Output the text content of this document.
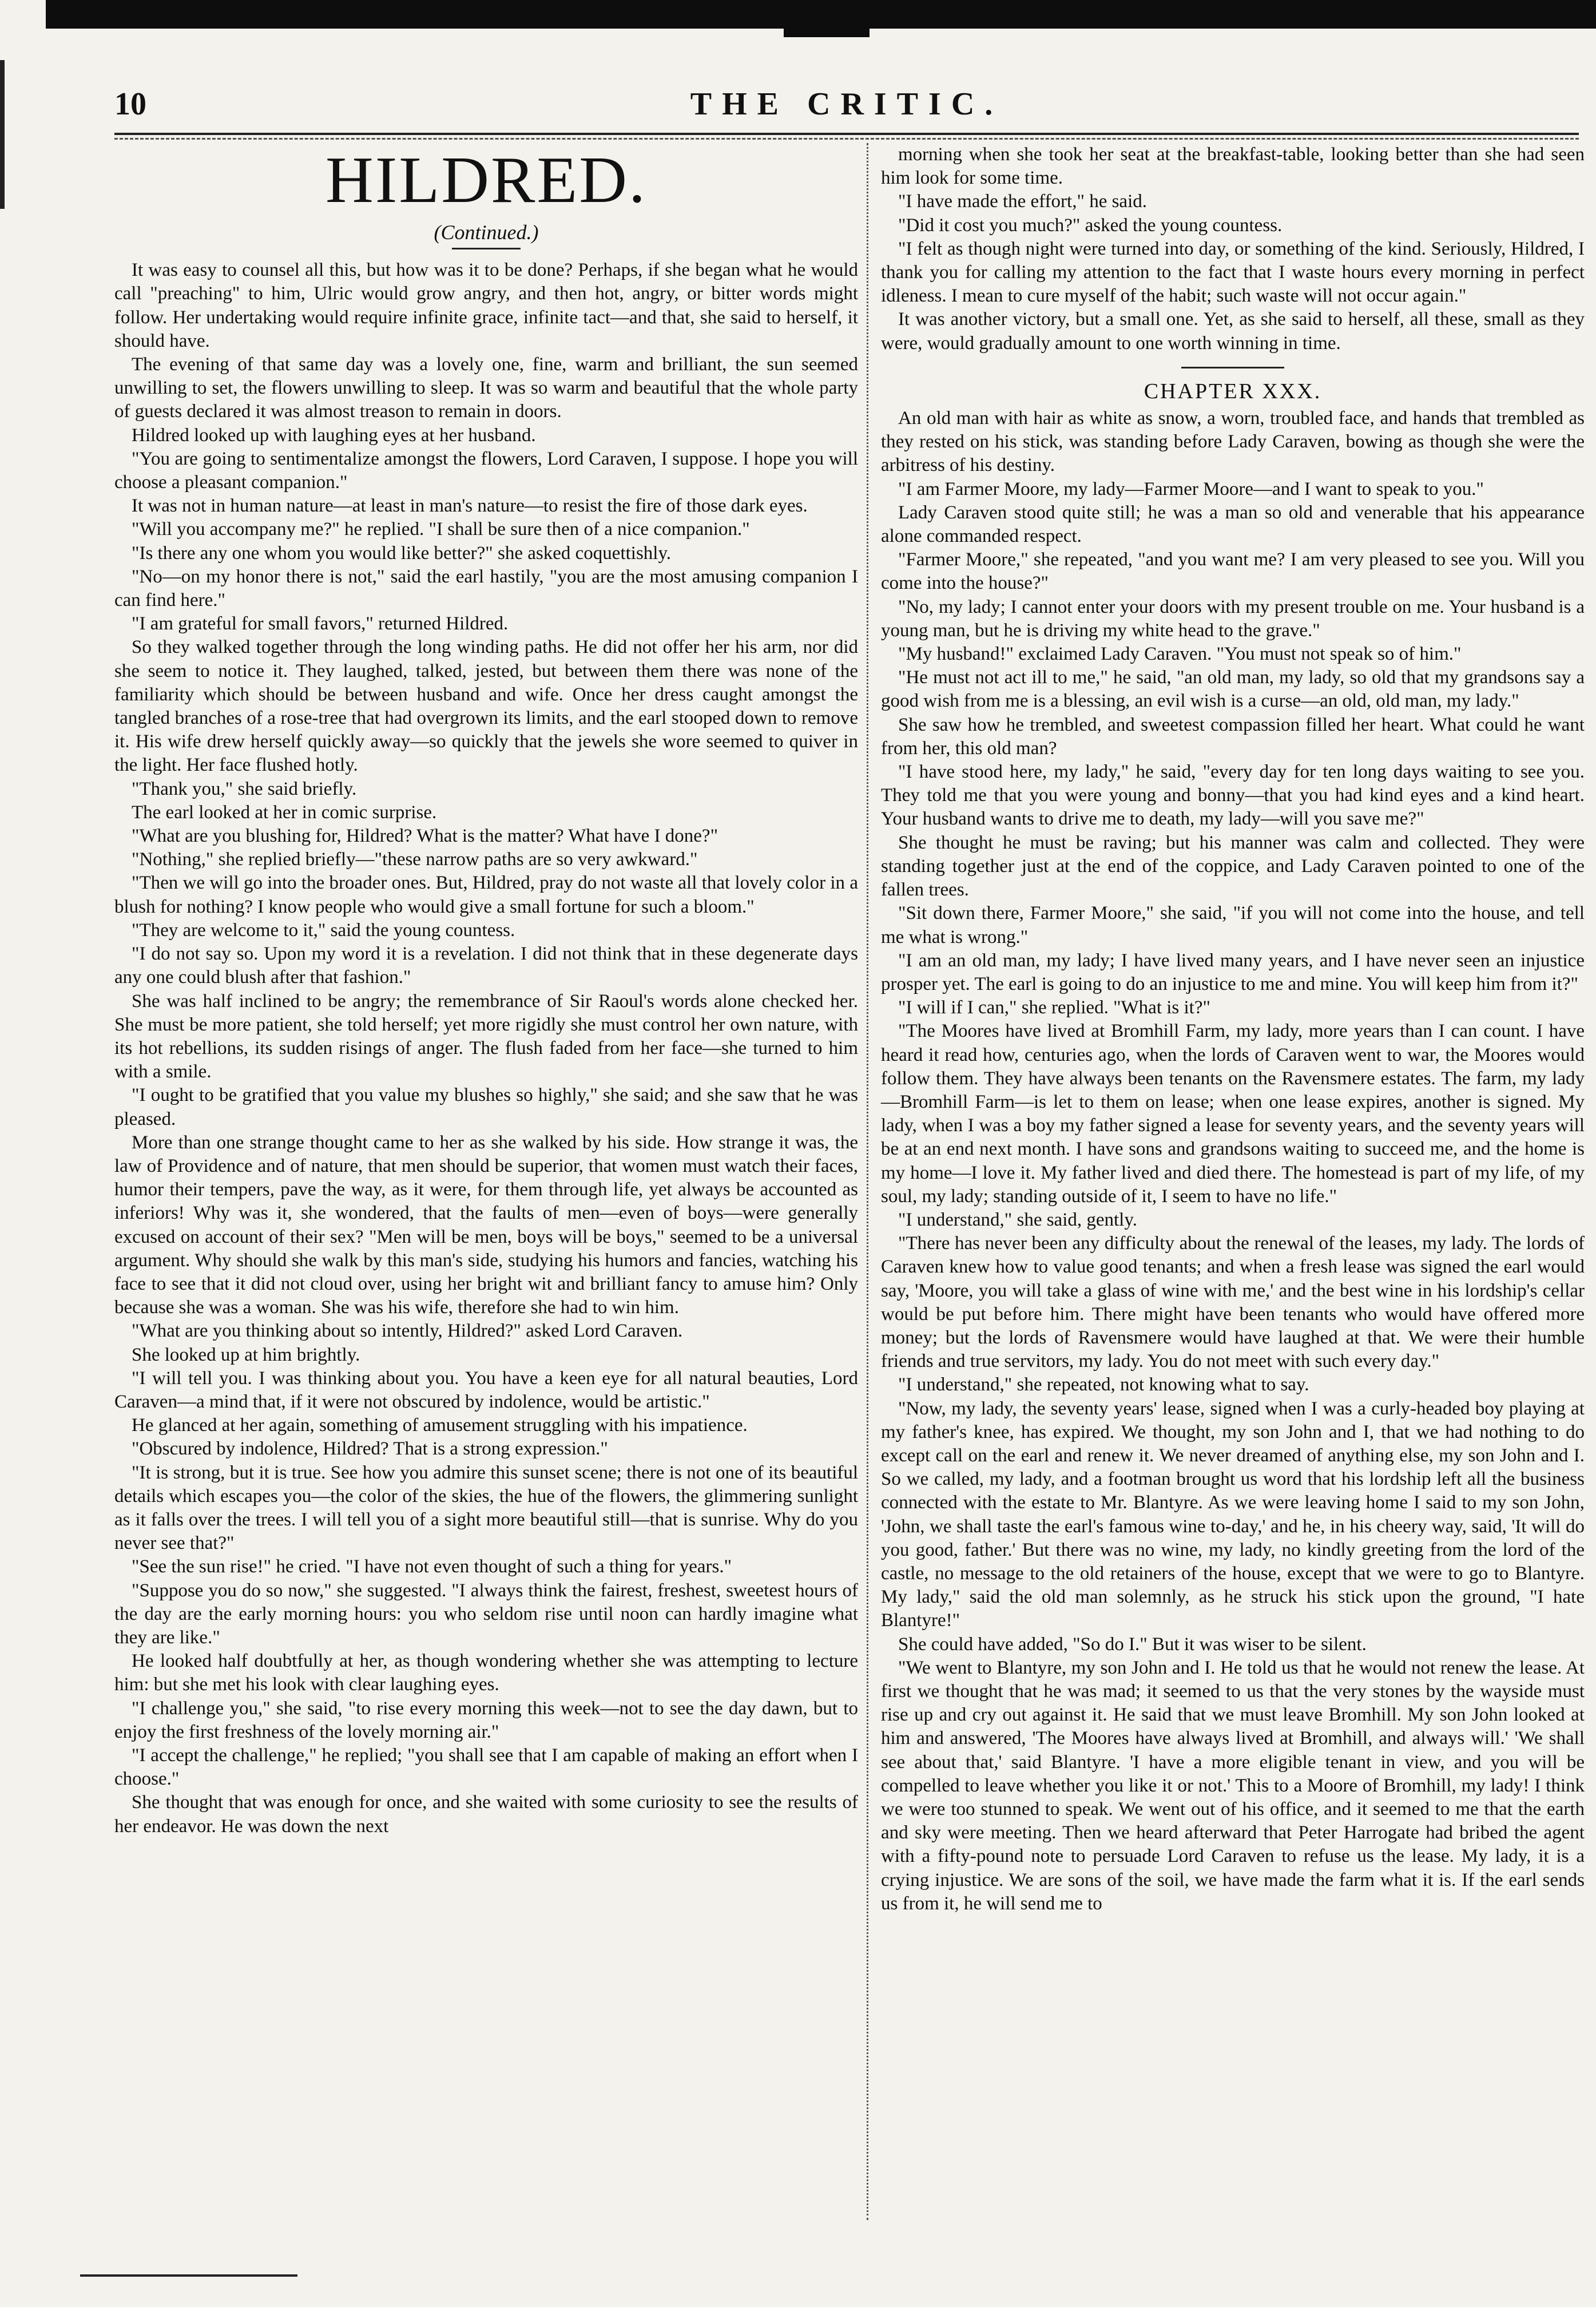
10	THE CRITIC.
HILDRED.
(Continued.)

It was easy to counsel all this, but how was it to be done? Perhaps, if she began what he would call "preaching" to him, Ulric would grow angry, and then hot, angry, or bitter words might follow. Her undertaking would require infinite grace, infinite tact—and that, she said to herself, it should have.

The evening of that same day was a lovely one, fine, warm and brilliant, the sun seemed unwilling to set, the flowers unwilling to sleep. It was so warm and beautiful that the whole party of guests declared it was almost treason to remain in doors.

Hildred looked up with laughing eyes at her husband.

"You are going to sentimentalize amongst the flowers, Lord Caraven, I suppose. I hope you will choose a pleasant companion."

It was not in human nature—at least in man's nature—to resist the fire of those dark eyes.

"Will you accompany me?" he replied. "I shall be sure then of a nice companion."

"Is there any one whom you would like better?" she asked coquettishly.

"No—on my honor there is not," said the earl hastily, "you are the most amusing companion I can find here."

"I am grateful for small favors," returned Hildred.

So they walked together through the long winding paths. He did not offer her his arm, nor did she seem to notice it. They laughed, talked, jested, but between them there was none of the familiarity which should be between husband and wife. Once her dress caught amongst the tangled branches of a rose-tree that had overgrown its limits, and the earl stooped down to remove it. His wife drew herself quickly away—so quickly that the jewels she wore seemed to quiver in the light. Her face flushed hotly.

"Thank you," she said briefly.

The earl looked at her in comic surprise.

"What are you blushing for, Hildred? What is the matter? What have I done?"

"Nothing," she replied briefly—"these narrow paths are so very awkward."

"Then we will go into the broader ones. But, Hildred, pray do not waste all that lovely color in a blush for nothing? I know people who would give a small fortune for such a bloom."

"They are welcome to it," said the young countess.

"I do not say so. Upon my word it is a revelation. I did not think that in these degenerate days any one could blush after that fashion."

She was half inclined to be angry; the remembrance of Sir Raoul's words alone checked her. She must be more patient, she told herself; yet more rigidly she must control her own nature, with its hot rebellions, its sudden risings of anger. The flush faded from her face—she turned to him with a smile.

"I ought to be gratified that you value my blushes so highly," she said; and she saw that he was pleased.

More than one strange thought came to her as she walked by his side. How strange it was, the law of Providence and of nature, that men should be superior, that women must watch their faces, humor their tempers, pave the way, as it were, for them through life, yet always be accounted as inferiors! Why was it, she wondered, that the faults of men—even of boys—were generally excused on account of their sex? "Men will be men, boys will be boys," seemed to be a universal argument. Why should she walk by this man's side, studying his humors and fancies, watching his face to see that it did not cloud over, using her bright wit and brilliant fancy to amuse him? Only because she was a woman. She was his wife, therefore she had to win him.

"What are you thinking about so intently, Hildred?" asked Lord Caraven.

She looked up at him brightly.

"I will tell you. I was thinking about you. You have a keen eye for all natural beauties, Lord Caraven—a mind that, if it were not obscured by indolence, would be artistic."

He glanced at her again, something of amusement struggling with his impatience.

"Obscured by indolence, Hildred? That is a strong expression."

"It is strong, but it is true. See how you admire this sunset scene; there is not one of its beautiful details which escapes you—the color of the skies, the hue of the flowers, the glimmering sunlight as it falls over the trees. I will tell you of a sight more beautiful still—that is sunrise. Why do you never see that?"

"See the sun rise!" he cried. "I have not even thought of such a thing for years."

"Suppose you do so now," she suggested. "I always think the fairest, freshest, sweetest hours of the day are the early morning hours: you who seldom rise until noon can hardly imagine what they are like."

He looked half doubtfully at her, as though wondering whether she was attempting to lecture him: but she met his look with clear laughing eyes.

"I challenge you," she said, "to rise every morning this week—not to see the day dawn, but to enjoy the first freshness of the lovely morning air."

"I accept the challenge," he replied; "you shall see that I am capable of making an effort when I choose."

She thought that was enough for once, and she waited with some curiosity to see the results of her endeavor. He was down the next

morning when she took her seat at the breakfast-table, looking better than she had seen him look for some time.

"I have made the effort," he said.

"Did it cost you much?" asked the young countess.

"I felt as though night were turned into day, or something of the kind. Seriously, Hildred, I thank you for calling my attention to the fact that I waste hours every morning in perfect idleness. I mean to cure myself of the habit; such waste will not occur again."

It was another victory, but a small one. Yet, as she said to herself, all these, small as they were, would gradually amount to one worth winning in time.

CHAPTER XXX.

An old man with hair as white as snow, a worn, troubled face, and hands that trembled as they rested on his stick, was standing before Lady Caraven, bowing as though she were the arbitress of his destiny.

"I am Farmer Moore, my lady—Farmer Moore—and I want to speak to you."

Lady Caraven stood quite still; he was a man so old and venerable that his appearance alone commanded respect.

"Farmer Moore," she repeated, "and you want me? I am very pleased to see you. Will you come into the house?"

"No, my lady; I cannot enter your doors with my present trouble on me. Your husband is a young man, but he is driving my white head to the grave."

"My husband!" exclaimed Lady Caraven. "You must not speak so of him."

"He must not act ill to me," he said, "an old man, my lady, so old that my grandsons say a good wish from me is a blessing, an evil wish is a curse—an old, old man, my lady."

She saw how he trembled, and sweetest compassion filled her heart. What could he want from her, this old man?

"I have stood here, my lady," he said, "every day for ten long days waiting to see you. They told me that you were young and bonny—that you had kind eyes and a kind heart. Your husband wants to drive me to death, my lady—will you save me?"

She thought he must be raving; but his manner was calm and collected. They were standing together just at the end of the coppice, and Lady Caraven pointed to one of the fallen trees.

"Sit down there, Farmer Moore," she said, "if you will not come into the house, and tell me what is wrong."

"I am an old man, my lady; I have lived many years, and I have never seen an injustice prosper yet. The earl is going to do an injustice to me and mine. You will keep him from it?"

"I will if I can," she replied. "What is it?"

"The Moores have lived at Bromhill Farm, my lady, more years than I can count. I have heard it read how, centuries ago, when the lords of Caraven went to war, the Moores would follow them. They have always been tenants on the Ravensmere estates. The farm, my lady—Bromhill Farm—is let to them on lease; when one lease expires, another is signed. My lady, when I was a boy my father signed a lease for seventy years, and the seventy years will be at an end next month. I have sons and grandsons waiting to succeed me, and the home is my home—I love it. My father lived and died there. The homestead is part of my life, of my soul, my lady; standing outside of it, I seem to have no life."

"I understand," she said, gently.

"There has never been any difficulty about the renewal of the leases, my lady. The lords of Caraven knew how to value good tenants; and when a fresh lease was signed the earl would say, 'Moore, you will take a glass of wine with me,' and the best wine in his lordship's cellar would be put before him. There might have been tenants who would have offered more money; but the lords of Ravensmere would have laughed at that. We were their humble friends and true servitors, my lady. You do not meet with such every day."

"I understand," she repeated, not knowing what to say.

"Now, my lady, the seventy years' lease, signed when I was a curly-headed boy playing at my father's knee, has expired. We thought, my son John and I, that we had nothing to do except call on the earl and renew it. We never dreamed of anything else, my son John and I. So we called, my lady, and a footman brought us word that his lordship left all the business connected with the estate to Mr. Blantyre. As we were leaving home I said to my son John, 'John, we shall taste the earl's famous wine to-day,' and he, in his cheery way, said, 'It will do you good, father.' But there was no wine, my lady, no kindly greeting from the lord of the castle, no message to the old retainers of the house, except that we were to go to Blantyre. My lady," said the old man solemnly, as he struck his stick upon the ground, "I hate Blantyre!"

She could have added, "So do I." But it was wiser to be silent.

"We went to Blantyre, my son John and I. He told us that he would not renew the lease. At first we thought that he was mad; it seemed to us that the very stones by the wayside must rise up and cry out against it. He said that we must leave Bromhill. My son John looked at him and answered, 'The Moores have always lived at Bromhill, and always will.' 'We shall see about that,' said Blantyre. 'I have a more eligible tenant in view, and you will be compelled to leave whether you like it or not.' This to a Moore of Bromhill, my lady! I think we were too stunned to speak. We went out of his office, and it seemed to me that the earth and sky were meeting. Then we heard afterward that Peter Harrogate had bribed the agent with a fifty-pound note to persuade Lord Caraven to refuse us the lease. My lady, it is a crying injustice. We are sons of the soil, we have made the farm what it is. If the earl sends us from it, he will send me to
